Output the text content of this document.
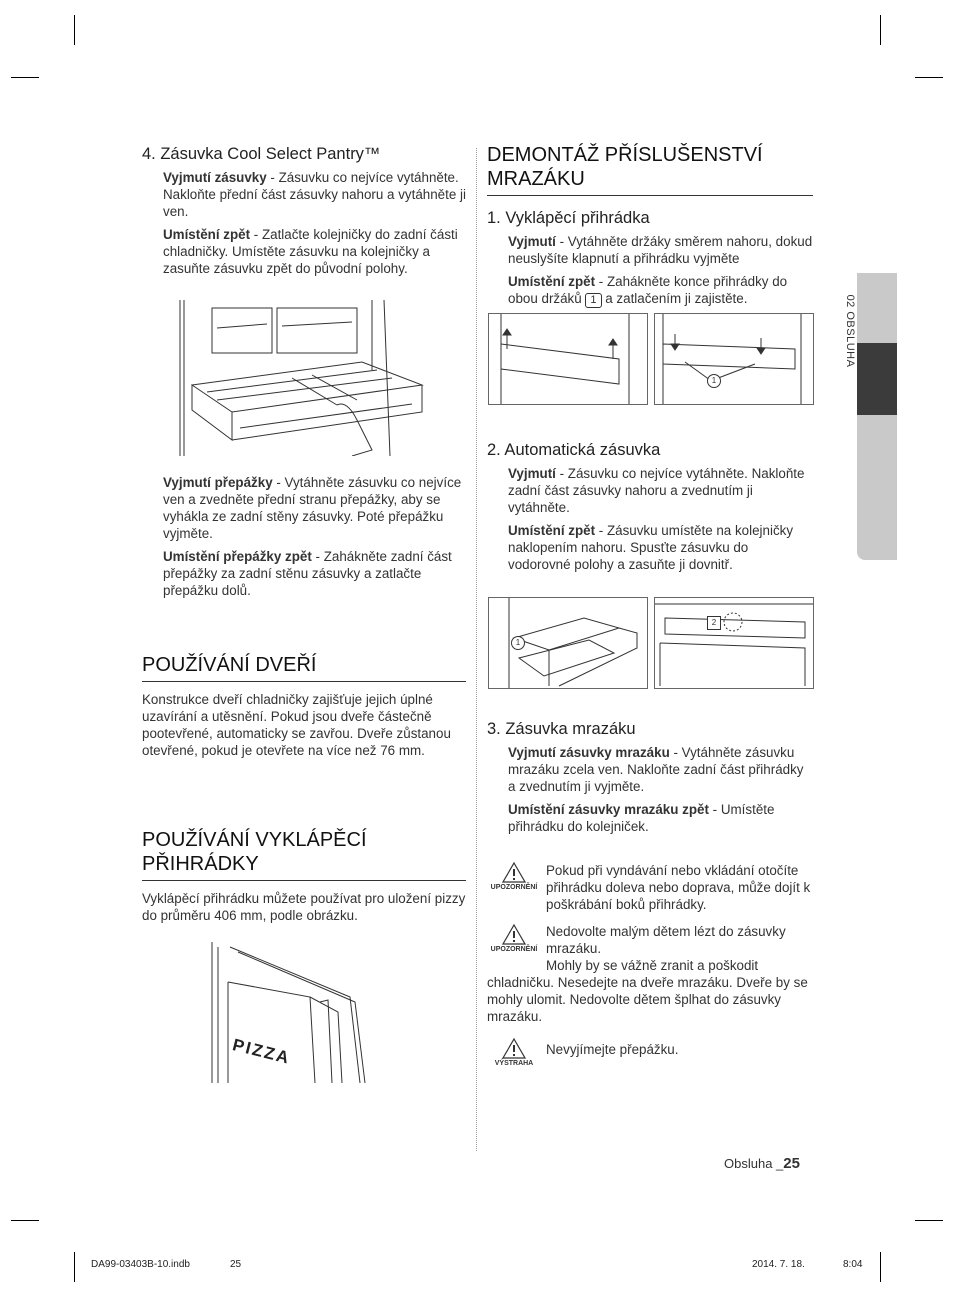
02 OBSLUHA
4. Zásuvka Cool Select Pantry™

Vyjmutí zásuvky - Zásuvku co nejvíce vytáhněte. Nakloňte přední část zásuvky nahoru a vytáhněte ji ven.

Umístění zpět - Zatlačte kolejničky do zadní části chladničky. Umístěte zásuvku na kolejničky a zasuňte zásuvku zpět do původní polohy.

Vyjmutí přepážky - Vytáhněte zásuvku co nejvíce ven a zvedněte přední stranu přepážky, aby se vyhákla ze zadní stěny zásuvky. Poté přepážku vyjměte.

Umístění přepážky zpět - Zahákněte zadní část přepážky za zadní stěnu zásuvky a zatlačte přepážku dolů.

POUŽÍVÁNÍ DVEŘÍ

Konstrukce dveří chladničky zajišťuje jejich úplné uzavírání a utěsnění. Pokud jsou dveře částečně pootevřené, automaticky se zavřou. Dveře zůstanou otevřené, pokud je otevřete na více než 76 mm.

POUŽÍVÁNÍ VYKLÁPĚCÍ PŘIHRÁDKY

Vyklápěcí přihrádku můžete používat pro uložení pizzy do průměru 406 mm, podle obrázku.

PIZZA
DEMONTÁŽ PŘÍSLUŠENSTVÍ MRAZÁKU
1. Vyklápěcí přihrádka

Vyjmutí - Vytáhněte držáky směrem nahoru, dokud neuslyšíte klapnutí a přihrádku vyjměte

Umístění zpět - Zahákněte konce přihrádky do obou držáků 1 a zatlačením ji zajistěte.

1
2. Automatická zásuvka

Vyjmutí - Zásuvku co nejvíce vytáhněte. Nakloňte zadní část zásuvky nahoru a zvednutím ji vytáhněte.

Umístění zpět - Zásuvku umístěte na kolejničky naklopením nahoru. Spusťte zásuvku do vodorovné polohy a zasuňte ji dovnitř.

1
2
3. Zásuvka mrazáku

Vyjmutí zásuvky mrazáku - Vytáhněte zásuvku mrazáku zcela ven. Nakloňte zadní část přihrádky a zvednutím ji vyjměte.

Umístění zásuvky mrazáku zpět - Umístěte přihrádku do kolejniček.

UPOZORNĚNÍ
Pokud při vyndávání nebo vkládání otočíte přihrádku doleva nebo doprava, může dojít k poškrábání boků přihrádky.
UPOZORNĚNÍ
Nedovolte malým dětem lézt do zásuvky mrazáku.
Mohly by se vážně zranit a poškodit chladničku. Nesedejte na dveře mrazáku. Dveře by se mohly ulomit. Nedovolte dětem šplhat do zásuvky mrazáku.
VÝSTRAHA
Nevyjímejte přepážku.
Obsluha _25
DA99-03403B-10.indb	25	2014. 7. 18.	8:04
